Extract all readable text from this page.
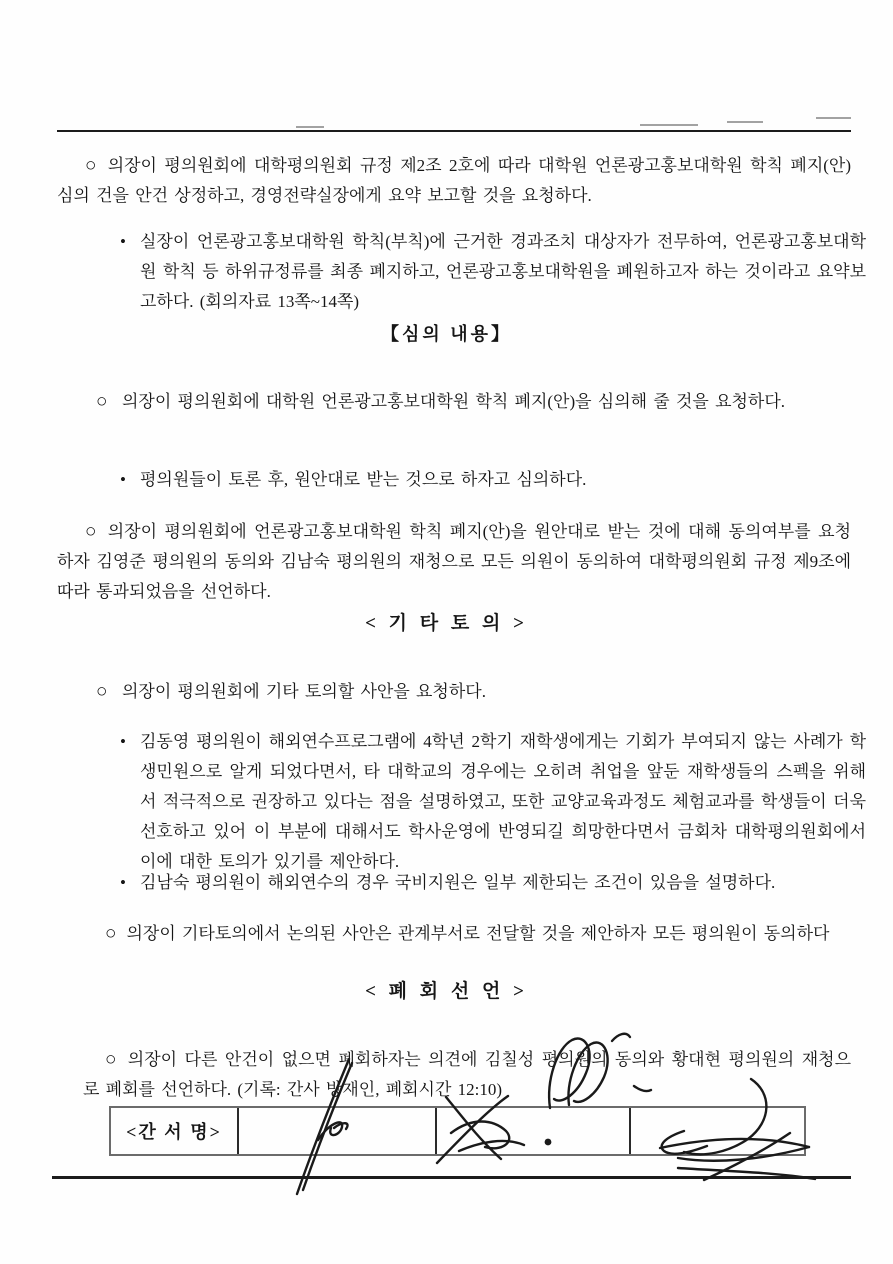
○ 의장이 평의원회에 대학평의원회 규정 제2조 2호에 따라 대학원 언론광고홍보대학원 학칙 폐지(안) 심의 건을 안건 상정하고, 경영전략실장에게 요약 보고할 것을 요청하다.

• 실장이 언론광고홍보대학원 학칙(부칙)에 근거한 경과조치 대상자가 전무하여, 언론광고홍보대학원 학칙 등 하위규정류를 최종 폐지하고, 언론광고홍보대학원을 폐원하고자 하는 것이라고 요약보고하다. (회의자료 13쪽~14쪽)

【심의 내용】

○ 의장이 평의원회에 대학원 언론광고홍보대학원 학칙 폐지(안)을 심의해 줄 것을 요청하다.

• 평의원들이 토론 후, 원안대로 받는 것으로 하자고 심의하다.

○ 의장이 평의원회에 언론광고홍보대학원 학칙 폐지(안)을 원안대로 받는 것에 대해 동의여부를 요청하자 김영준 평의원의 동의와 김남숙 평의원의 재청으로 모든 의원이 동의하여 대학평의원회 규정 제9조에 따라 통과되었음을 선언하다.

< 기 타 토 의 >

○ 의장이 평의원회에 기타 토의할 사안을 요청하다.

• 김동영 평의원이 해외연수프로그램에 4학년 2학기 재학생에게는 기회가 부여되지 않는 사례가 학생민원으로 알게 되었다면서, 타 대학교의 경우에는 오히려 취업을 앞둔 재학생들의 스펙을 위해서 적극적으로 권장하고 있다는 점을 설명하였고, 또한 교양교육과정도 체험교과를 학생들이 더욱 선호하고 있어 이 부분에 대해서도 학사운영에 반영되길 희망한다면서 금회차 대학평의원회에서 이에 대한 토의가 있기를 제안하다.

• 김남숙 평의원이 해외연수의 경우 국비지원은 일부 제한되는 조건이 있음을 설명하다.

○ 의장이 기타토의에서 논의된 사안은 관계부서로 전달할 것을 제안하자 모든 평의원이 동의하다

< 폐 회 선 언 >

○ 의장이 다른 안건이 없으면 폐회하자는 의견에 김칠성 평의원의 동의와 황대현 평의원의 재청으로 폐회를 선언하다. (기록: 간사 방재인, 폐회시간 12:10)

<간 서 명>
